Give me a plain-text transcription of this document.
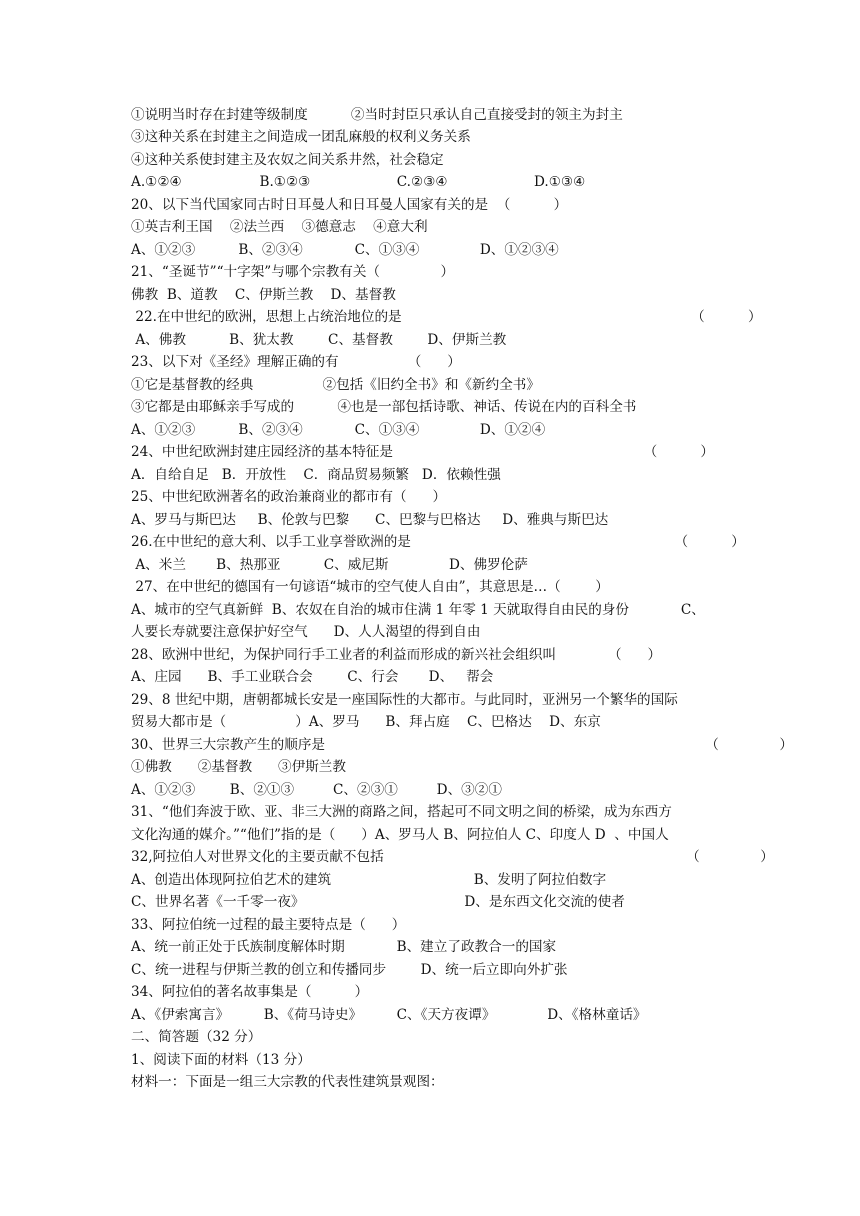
①说明当时存在封建等级制度          ②当时封臣只承认自己直接受封的领主为封主
③这种关系在封建主之间造成一团乱麻般的权利义务关系
④这种关系使封建主及农奴之间关系井然，社会稳定
A.①②④                  B.①②③                    C.②③④                    D.①③④
20、以下当代国家同古时日耳曼人和日耳曼人国家有关的是  （          ）
①英吉利王国    ②法兰西    ③德意志    ④意大利
A、①②③          B、②③④            C、①③④              D、①②③④
21、“圣诞节”“十字架”与哪个宗教有关（              ）
佛教  B、道教    C、伊斯兰教    D、基督教
22.在中世纪的欧洲，思想上占统治地位的是                                                                   （          ）
A、佛教          B、犹太教        C、基督教        D、伊斯兰教
23、以下对《圣经》理解正确的有                （      ）
①它是基督教的经典                ②包括《旧约全书》和《新约全书》
③它都是由耶稣亲手写成的          ④也是一部包括诗歌、神话、传说在内的百科全书
A、①②③          B、②③④            C、①③④              D、①②④
24、中世纪欧洲封建庄园经济的基本特征是                                                          （          ）
A．自给自足   B．开放性    C．商品贸易频繁   D．依赖性强
25、中世纪欧洲著名的政治兼商业的都市有（      ）
A、罗马与斯巴达     B、伦敦与巴黎      C、巴黎与巴格达     D、雅典与斯巴达
26.在中世纪的意大利、以手工业享誉欧洲的是                                                             （          ）
A、米兰       B、热那亚          C、威尼斯              D、佛罗伦萨
27、在中世纪的德国有一句谚语“城市的空气使人自由”，其意思是…（        ）
A、城市的空气真新鲜  B、农奴在自治的城市住满 1 年零 1 天就取得自由民的身份            C、
人要长寿就要注意保护好空气      D、人人渴望的得到自由
28、欧洲中世纪，为保护同行手工业者的利益而形成的新兴社会组织叫            （      ）
A、庄园      B、手工业联合会        C、行会       D、   帮会
29、8 世纪中期，唐朝都城长安是一座国际性的大都市。与此同时，亚洲另一个繁华的国际
贸易大都市是（                ）A、罗马      B、拜占庭    C、巴格达    D、东京
30、世界三大宗教产生的顺序是                                                                                        （              ）
①佛教      ②基督教      ③伊斯兰教
A、①②③        B、②①③         C、②③①         D、③②①
31、“他们奔波于欧、亚、非三大洲的商路之间，搭起可不同文明之间的桥梁，成为东西方
文化沟通的媒介。”“他们”指的是（      ）A、罗马人 B、阿拉伯人 C、印度人 D  、中国人
32,阿拉伯人对世界文化的主要贡献不包括                                                                      （              ）
A、创造出体现阿拉伯艺术的建筑                                 B、发明了阿拉伯数字
C、世界名著《一千零一夜》                                     D、是东西文化交流的使者
33、阿拉伯统一过程的最主要特点是（      ）
A、统一前正处于氏族制度解体时期            B、建立了政教合一的国家
C、统一进程与伊斯兰教的创立和传播同步        D、统一后立即向外扩张
34、阿拉伯的著名故事集是（          ）
A、《伊索寓言》        B、《荷马诗史》        C、《天方夜谭》            D、《格林童话》
二、简答题（32 分）
1、阅读下面的材料（13 分）
材料一：下面是一组三大宗教的代表性建筑景观图：
